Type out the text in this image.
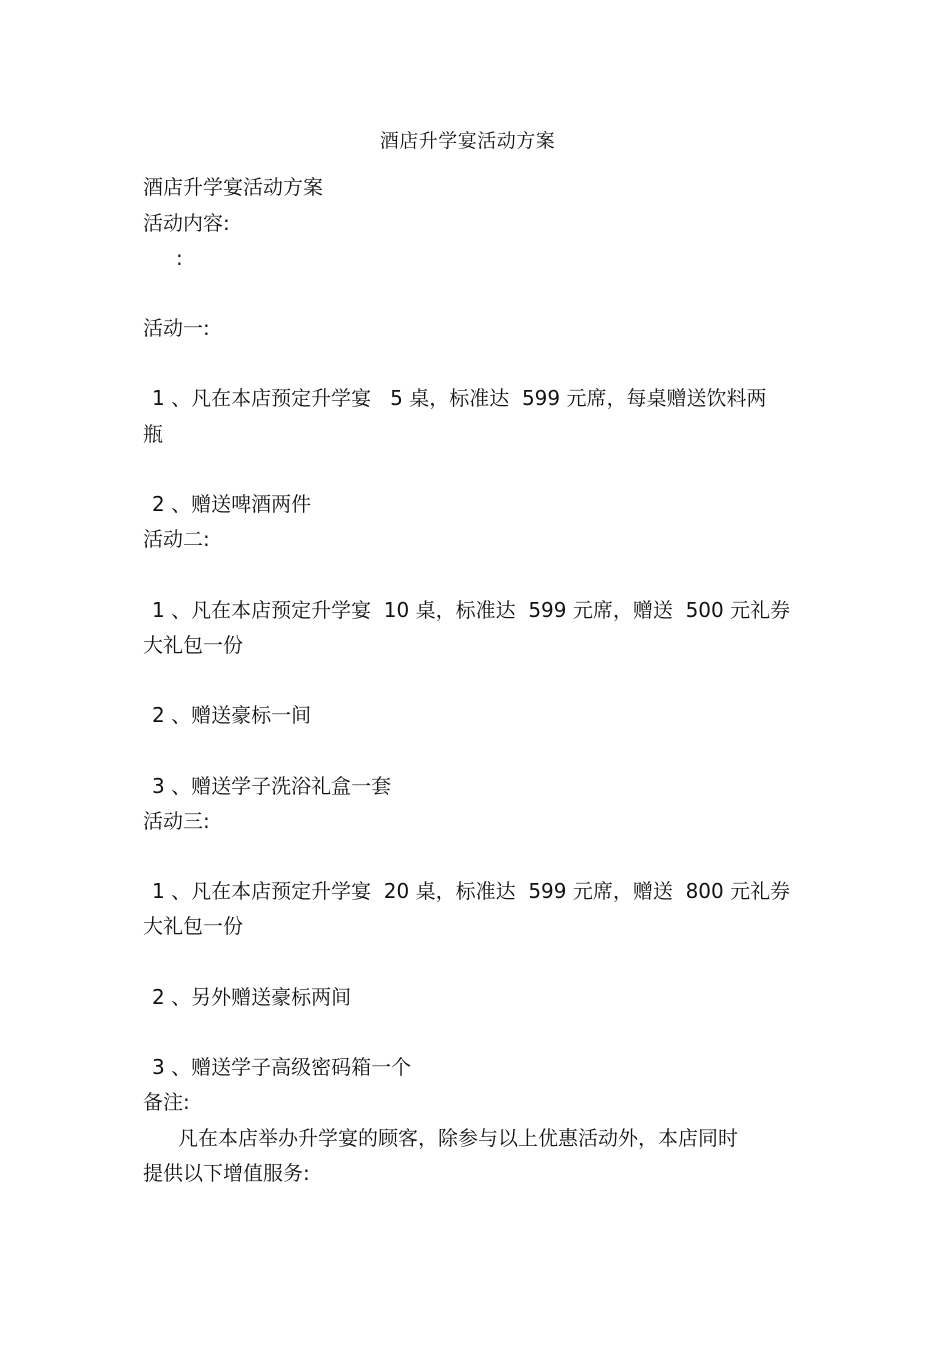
酒店升学宴活动方案
酒店升学宴活动方案
活动内容:
:
活动一:
1 、凡在本店预定升学宴   5 桌，标准达  599 元席，每桌赠送饮料两
瓶
2 、赠送啤酒两件
活动二:
1 、凡在本店预定升学宴  10 桌，标准达  599 元席，赠送  500 元礼券
大礼包一份
2 、赠送豪标一间
3 、赠送学子洗浴礼盒一套
活动三:
1 、凡在本店预定升学宴  20 桌，标准达  599 元席，赠送  800 元礼券
大礼包一份
2 、另外赠送豪标两间
3 、赠送学子高级密码箱一个
备注:
凡在本店举办升学宴的顾客，除参与以上优惠活动外，本店同时
提供以下增值服务:
